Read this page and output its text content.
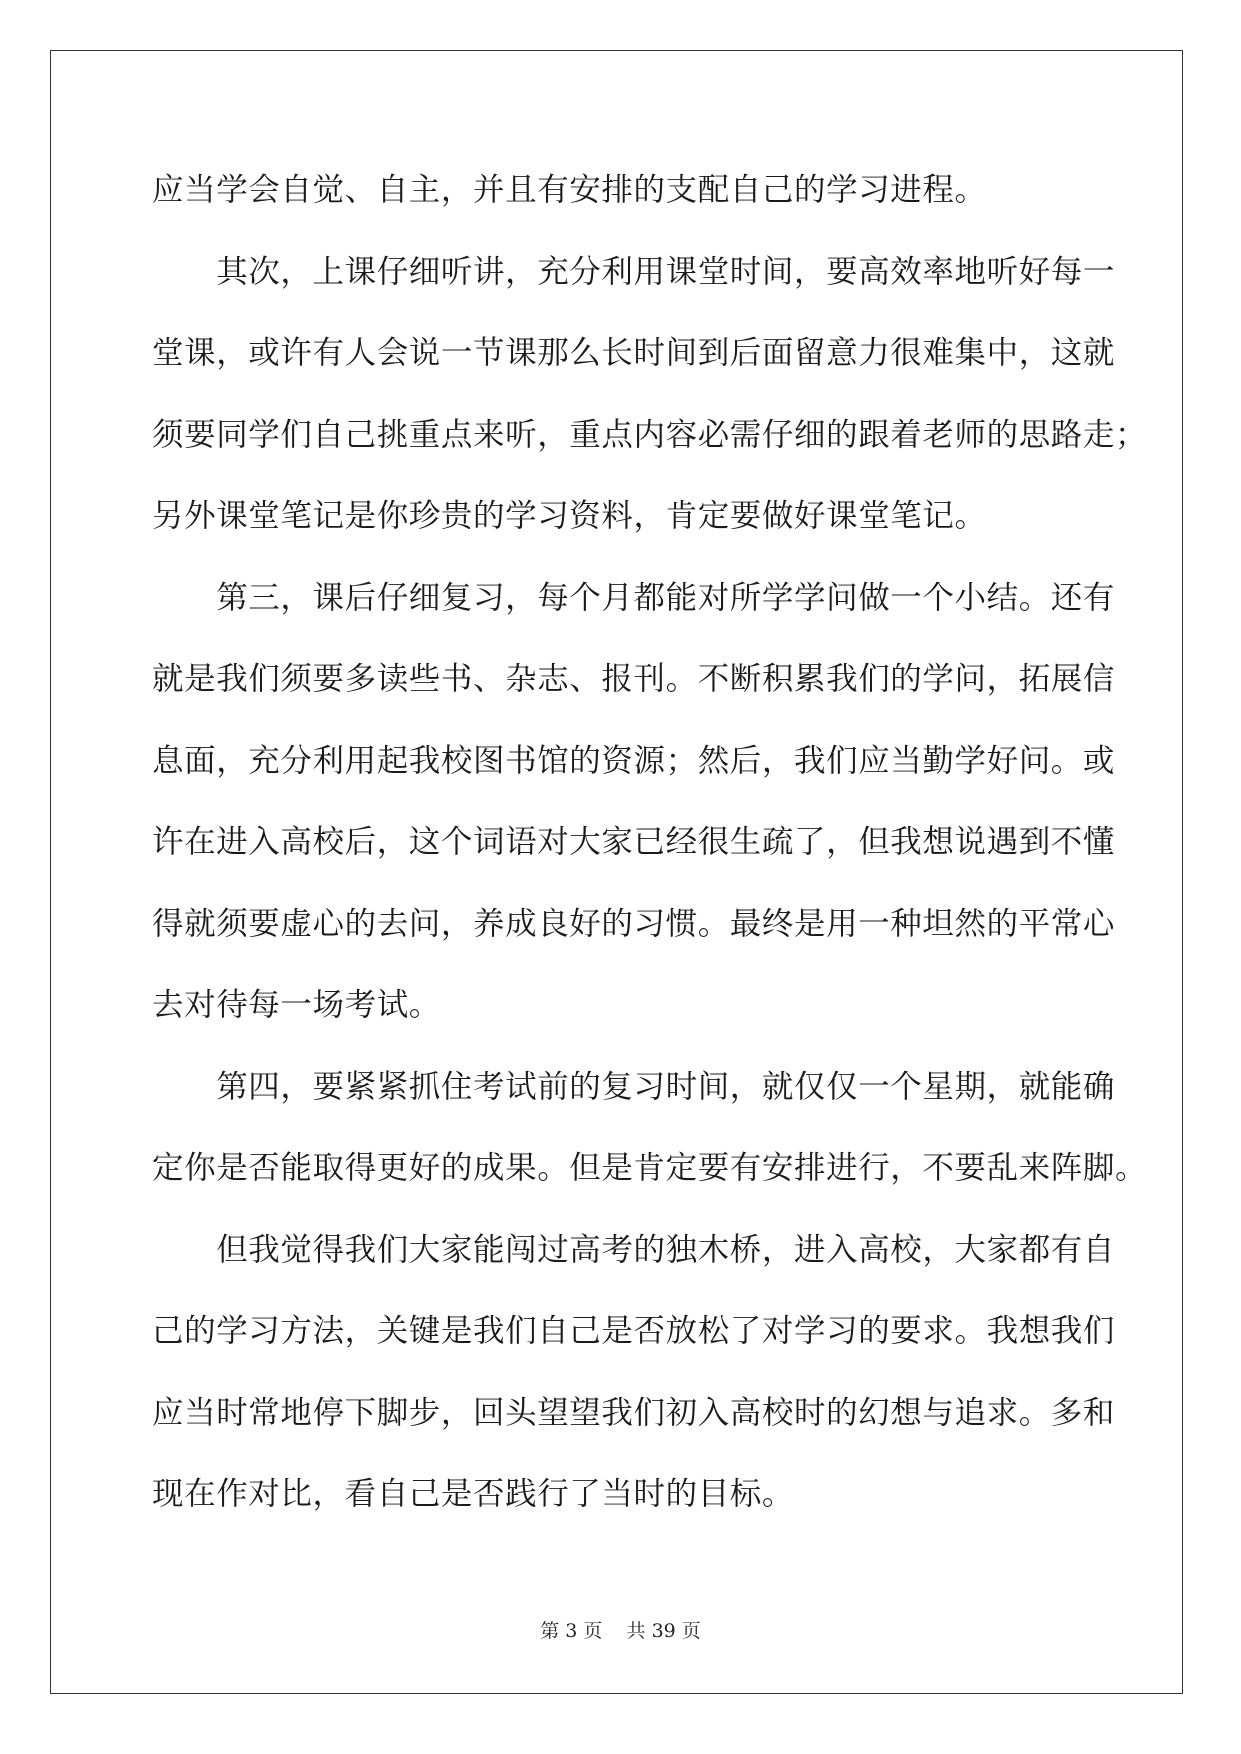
应当学会自觉、自主，并且有安排的支配自己的学习进程。
　　其次，上课仔细听讲，充分利用课堂时间，要高效率地听好每一
堂课，或许有人会说一节课那么长时间到后面留意力很难集中，这就
须要同学们自己挑重点来听，重点内容必需仔细的跟着老师的思路走；
另外课堂笔记是你珍贵的学习资料，肯定要做好课堂笔记。
　　第三，课后仔细复习，每个月都能对所学学问做一个小结。还有
就是我们须要多读些书、杂志、报刊。不断积累我们的学问，拓展信
息面，充分利用起我校图书馆的资源；然后，我们应当勤学好问。或
许在进入高校后，这个词语对大家已经很生疏了，但我想说遇到不懂
得就须要虚心的去问，养成良好的习惯。最终是用一种坦然的平常心
去对待每一场考试。
　　第四，要紧紧抓住考试前的复习时间，就仅仅一个星期，就能确
定你是否能取得更好的成果。但是肯定要有安排进行，不要乱来阵脚。
　　但我觉得我们大家能闯过高考的独木桥，进入高校，大家都有自
己的学习方法，关键是我们自己是否放松了对学习的要求。我想我们
应当时常地停下脚步，回头望望我们初入高校时的幻想与追求。多和
现在作对比，看自己是否践行了当时的目标。
第 3 页 共 39 页
